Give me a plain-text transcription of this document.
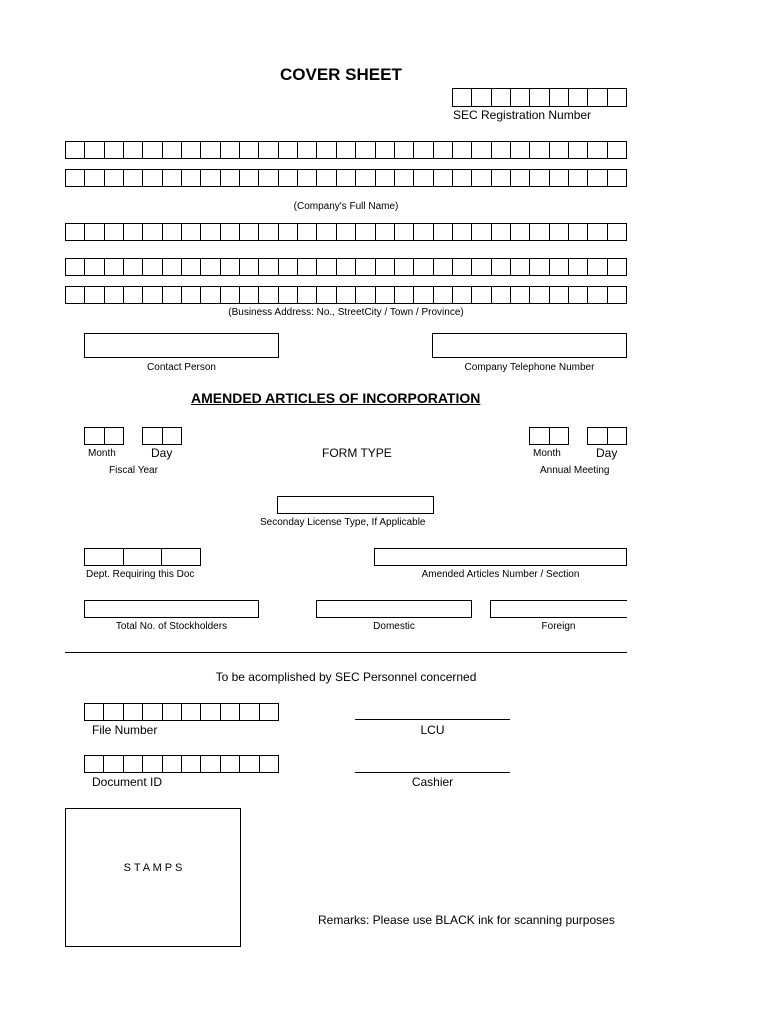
COVER SHEET
SEC Registration Number
(Company's Full Name)
(Business Address: No., StreetCity / Town / Province)
Contact Person	Company Telephone Number
AMENDED ARTICLES OF INCORPORATION
Month	Day
Fiscal Year
FORM TYPE	Month	Day
Annual Meeting
Seconday License Type, If Applicable
Dept. Requiring this Doc	Amended Articles Number / Section
Total No. of Stockholders	Domestic	Foreign
To be acomplished by SEC Personnel concerned
File Number	LCU
Document ID	Cashier
S T A M P S
Remarks: Please use BLACK ink for scanning purposes
